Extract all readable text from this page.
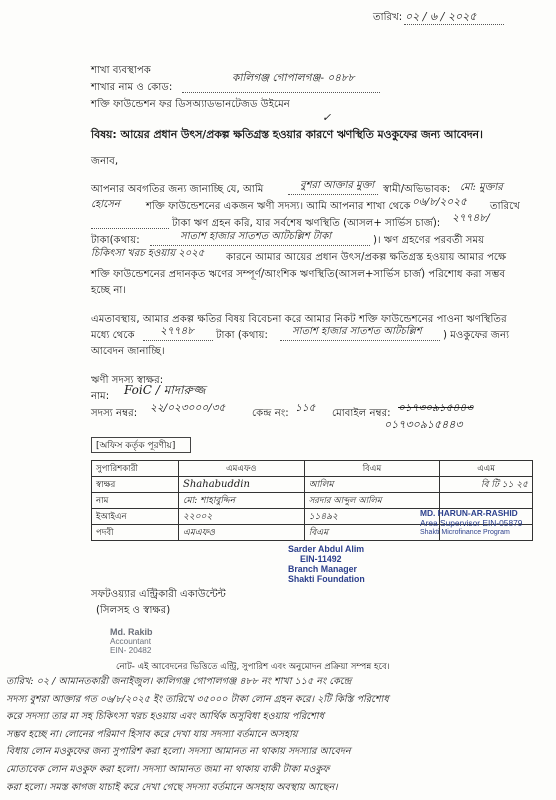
তারিখ: ০২ / ৬ / ২০২৫
শাখা ব্যবস্থাপক
শাখার নাম ও কোড:
কালিগঞ্জ গোপালগঞ্জ- ০৪৮৮
শক্তি ফাউন্ডেশন ফর ডিসঅ্যাডভানটেজড উইমেন
বিষয়: আয়ের প্রধান উৎস/প্রকল্প ক্ষতিগ্রস্ত হওয়ার কারণে ঋণস্থিতি মওকুফের জন্য আবেদন।
✓
জনাব,
আপনার অবগতির জন্য জানাচ্ছি যে, আমি	বুশরা আক্তার মুক্তা স্বামী/অভিভাবক: মো: মুক্তার
হোসেন	শক্তি ফাউন্ডেশনের একজন ঋণী সদস্য। আমি আপনার শাখা থেকে ০৬/৮/২০২৫ তারিখে
টাকা ঋণ গ্রহন করি, যার সর্বশেষ ঋণস্থিতি (আসল+ সার্ভিস চার্জ): ২৭৭৪৮/
টাকা(কথায়:	সাতাশ হাজার সাতশত আটচল্লিশ টাকা	)। ঋণ গ্রহণের পরবর্তী সময়
চিকিৎসা খরচ হওয়ায় ২০২৫ কারনে আমার আয়ের প্রধান উৎস/প্রকল্প ক্ষতিগ্রস্ত হওয়ায় আমার পক্ষে
শক্তি ফাউন্ডেশনের প্রদানকৃত ঋণের সম্পূর্ণ/আংশিক ঋণস্থিতি(আসল+সার্ভিস চার্জ) পরিশোধ করা সম্ভব
হচ্ছে না।
এমতাবস্থায়, আমার প্রকল্প ক্ষতির বিষয় বিবেচনা করে আমার নিকট শক্তি ফাউন্ডেশনের পাওনা ঋণস্থিতির
মধ্যে থেকে ২৭৭৪৮ টাকা (কথায়: সাতাশ হাজার সাতশত আটচল্লিশ ) মওকুফের জন্য
আবেদন জানাচ্ছি।
ঋণী সদস্য স্বাক্ষর:
নাম: FoiC / মাদারুজ্জ
সদস্য নম্বর: ২২/০২৩০০০/৩৫	কেন্দ্র নং: ১১৫ মোবাইল নম্বর: ০১৭৩০৯১৫৪৪৩
০১৭৩০৯১৫৪৪৩
[অফিস কর্তৃক পূরণীয়]
সুপারিশকারী	এমএফও	বিএম	এএম
স্বাক্ষর	Shahabuddin	আলিম	বি টি ১১ ২৫
নাম	মো: শাহাবুদ্দিন	সরদার আব্দুল আলিম	
ইআইএন	২২০০২	১১৪৯২	
পদবী	এমএফও	বিএম	
MD. HARUN-AR-RASHID
Area Supervisor EIN-05879
Shakti Microfinance Program
Sarder Abdul Alim
EIN-11492
Branch Manager
Shakti Foundation
সফটওয়্যার এন্ট্রিকারী একাউন্টেন্ট
(সিলসহ ও স্বাক্ষর)
Md. Rakib
Accountant
EIN- 20482
নোট- এই আবেদনের ভিত্তিতে এন্ট্রি, সুপারিশ এবং অনুমোদন প্রক্রিয়া সম্পন্ন হবে।
তারিখ: ০২ / আমানতকারী জনাইজুল। কালিগঞ্জ গোপালগঞ্জ ৪৮৮ নং শাখা ১১৫ নং কেন্দ্রে
সদস্য বুশরা আক্তার গত ০৬/৮/২০২৫ ইং তারিখে ৩৫০০০ টাকা লোন গ্রহন করে। ২টি কিস্তি পরিশোধ
করে সদস্যা তার মা সহ চিকিৎসা খরচ হওয়ায় এবং আর্থিক অসুবিধা হওয়ায় পরিশোধ
সম্ভব হচ্ছে না। লোনের পরিমাণ হিসাব করে দেখা যায় সদস্যা বর্তমানে অসহায়
বিধায় লোন মওকুফের জন্য সুপারিশ করা হলো। সদস্যা আমানত না থাকায় সদস্যার আবেদন
মোতাবেক লোন মওকুফ করা হলো। সদস্যা আমানত জমা না থাকায় বাকী টাকা মওকুফ
করা হলো। সমস্ত কাগজ যাচাই করে দেখা গেছে সদস্যা বর্তমানে অসহায় অবস্থায় আছেন।
